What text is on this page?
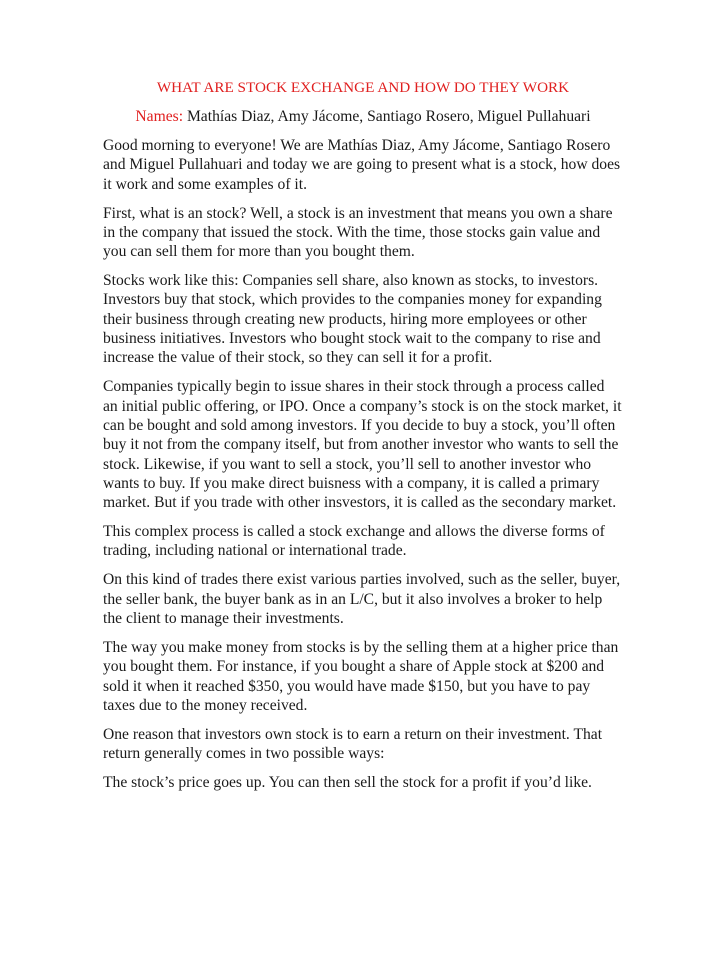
WHAT ARE STOCK EXCHANGE AND HOW DO THEY WORK
Names: Mathías Diaz, Amy Jácome, Santiago Rosero, Miguel Pullahuari

Good morning to everyone! We are Mathías Diaz, Amy Jácome, Santiago Rosero and Miguel Pullahuari and today we are going to present what is a stock, how does it work and some examples of it.

First, what is an stock? Well, a stock is an investment that means you own a share in the company that issued the stock. With the time, those stocks gain value and you can sell them for more than you bought them.

Stocks work like this: Companies sell share, also known as stocks, to investors. Investors buy that stock, which provides to the companies money for expanding their business through creating new products, hiring more employees or other business initiatives. Investors who bought stock wait to the company to rise and increase the value of their stock, so they can sell it for a profit.

Companies typically begin to issue shares in their stock through a process called an initial public offering, or IPO. Once a company’s stock is on the stock market, it can be bought and sold among investors. If you decide to buy a stock, you’ll often buy it not from the company itself, but from another investor who wants to sell the stock. Likewise, if you want to sell a stock, you’ll sell to another investor who wants to buy. If you make direct buisness with a company, it is called a primary market. But if you trade with other insvestors, it is called as the secondary market.

This complex process is called a stock exchange and allows the diverse forms of trading, including national or international trade.

On this kind of trades there exist various parties involved, such as the seller, buyer, the seller bank, the buyer bank as in an L/C, but it also involves a broker to help the client to manage their investments.

The way you make money from stocks is by the selling them at a higher price than you bought them. For instance, if you bought a share of Apple stock at $200 and sold it when it reached $350, you would have made $150, but you have to pay taxes due to the money received.

One reason that investors own stock is to earn a return on their investment. That return generally comes in two possible ways:

The stock’s price goes up. You can then sell the stock for a profit if you’d like.
